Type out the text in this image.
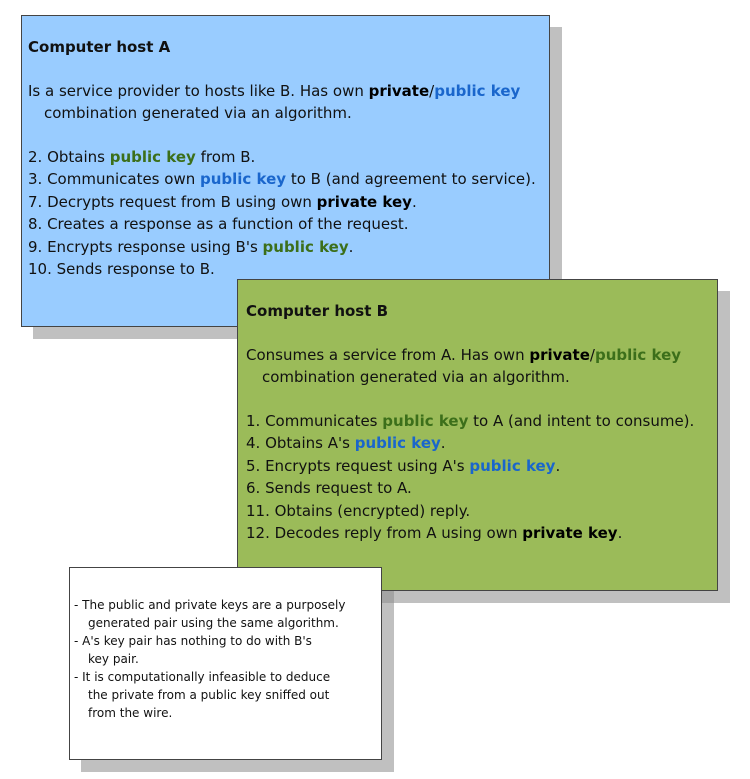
Computer host A
Is a service provider to hosts like B. Has own private/public key
combination generated via an algorithm.
2. Obtains public key from B.
3. Communicates own public key to B (and agreement to service).
7. Decrypts request from B using own private key.
8. Creates a response as a function of the request.
9. Encrypts response using B's public key.
10. Sends response to B.
Computer host B
Consumes a service from A. Has own private/public key
combination generated via an algorithm.
1. Communicates public key to A (and intent to consume).
4. Obtains A's public key.
5. Encrypts request using A's public key.
6. Sends request to A.
11. Obtains (encrypted) reply.
12. Decodes reply from A using own private key.
- The public and private keys are a purposely
generated pair using the same algorithm.
- A's key pair has nothing to do with B's
key pair.
- It is computationally infeasible to deduce
the private from a public key sniffed out
from the wire.
